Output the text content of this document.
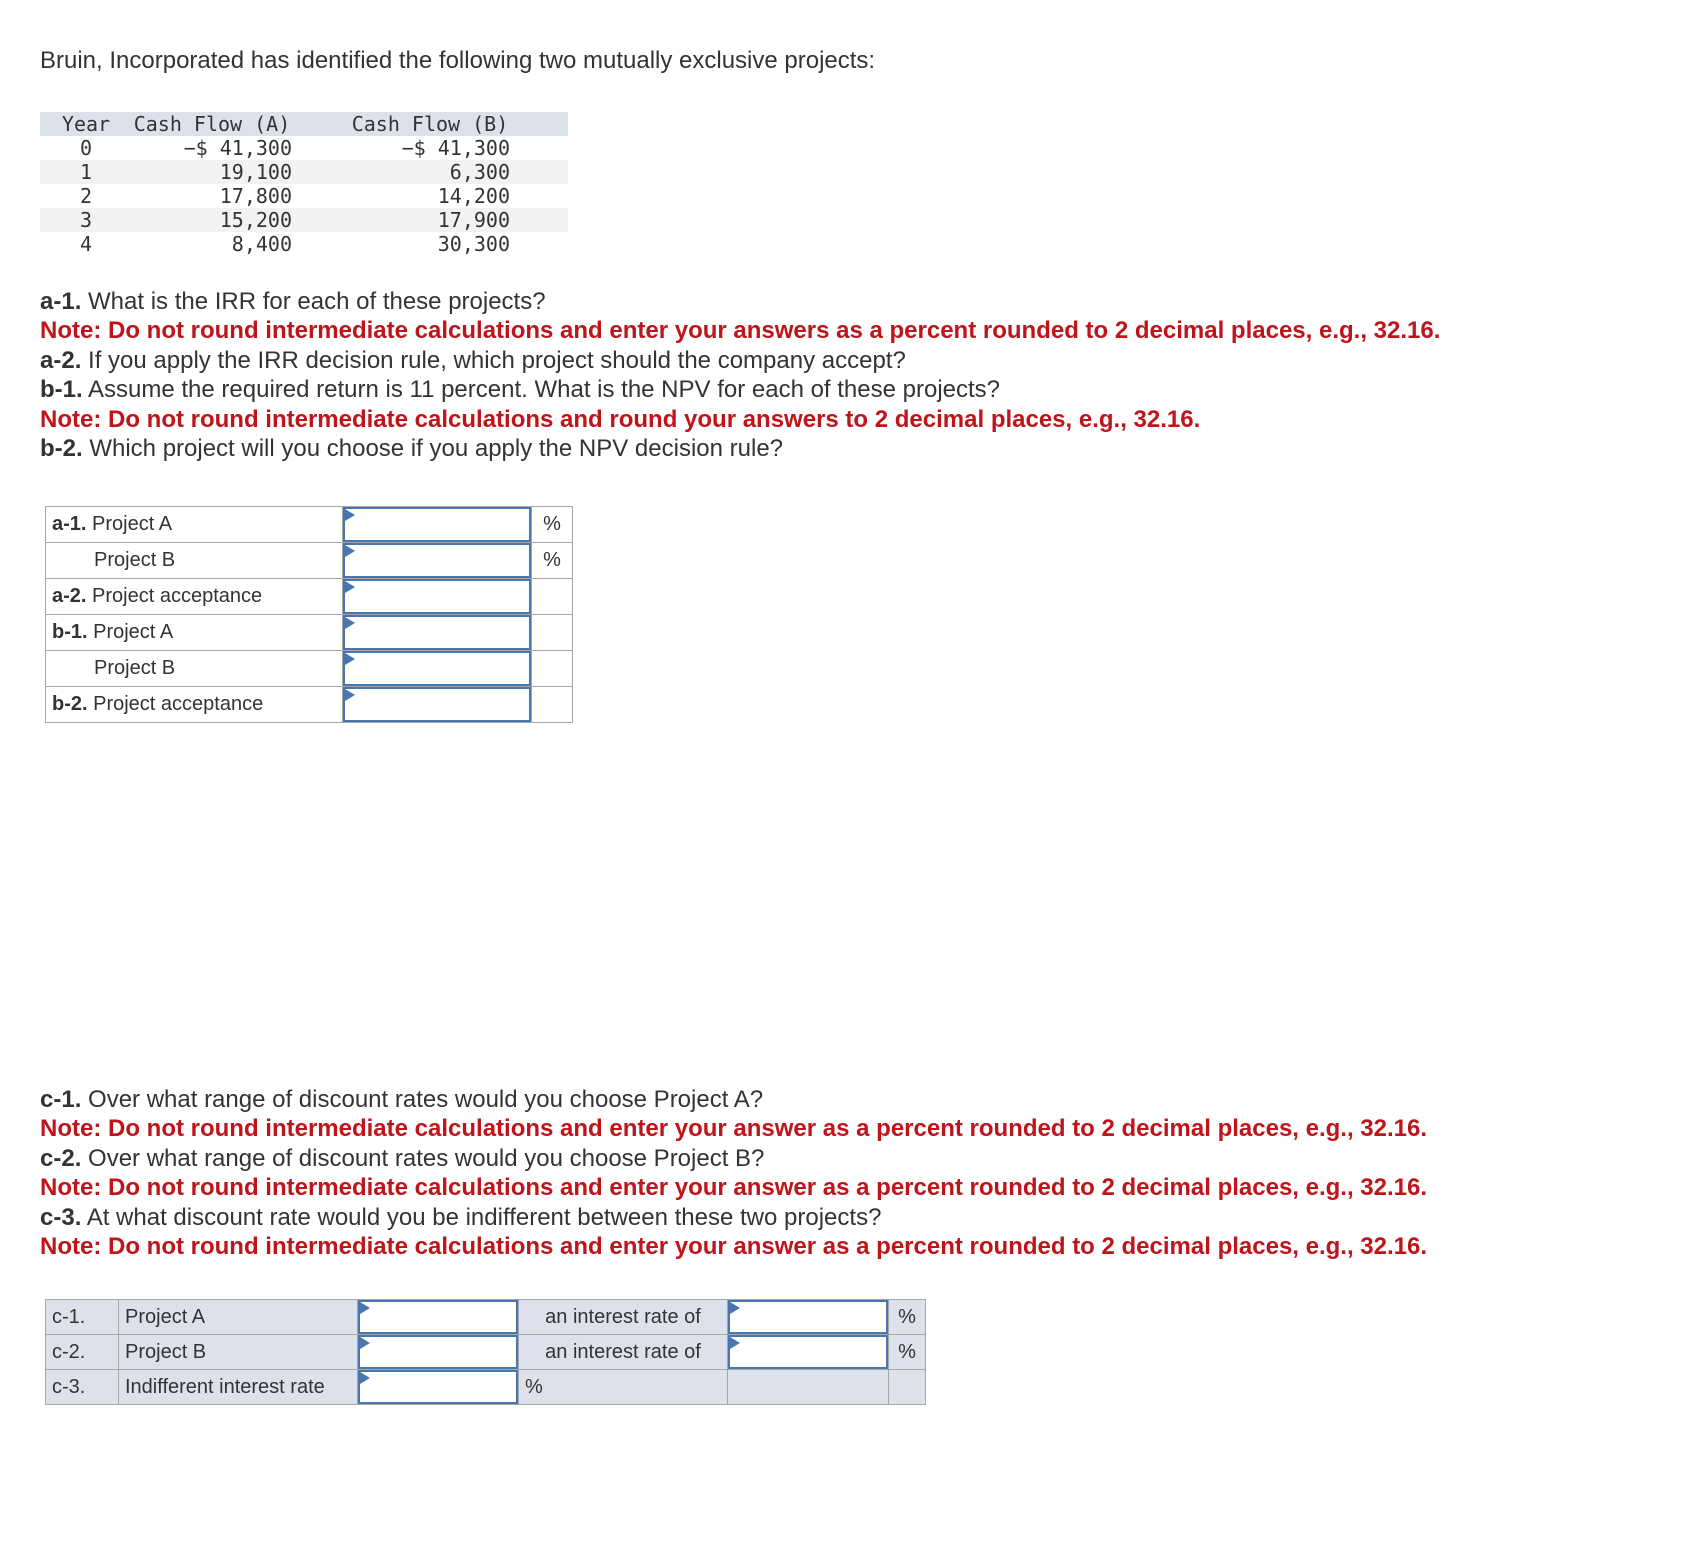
Bruin, Incorporated has identified the following two mutually exclusive projects:

Year	Cash Flow (A)		Cash Flow (B)	
0	−$ 41,300		−$ 41,300	
1	19,100		6,300	
2	17,800		14,200	
3	15,200		17,900	
4	8,400		30,300	

a-1. What is the IRR for each of these projects?

Note: Do not round intermediate calculations and enter your answers as a percent rounded to 2 decimal places, e.g., 32.16.

a-2. If you apply the IRR decision rule, which project should the company accept?

b-1. Assume the required return is 11 percent. What is the NPV for each of these projects?

Note: Do not round intermediate calculations and round your answers to 2 decimal places, e.g., 32.16.

b-2. Which project will you choose if you apply the NPV decision rule?

a-1. Project A		%
Project B		%
a-2. Project acceptance	

b-1. Project A	

Project B	

b-2. Project acceptance	

c-1. Over what range of discount rates would you choose Project A?

Note: Do not round intermediate calculations and enter your answer as a percent rounded to 2 decimal places, e.g., 32.16.

c-2. Over what range of discount rates would you choose Project B?

Note: Do not round intermediate calculations and enter your answer as a percent rounded to 2 decimal places, e.g., 32.16.

c-3. At what discount rate would you be indifferent between these two projects?

Note: Do not round intermediate calculations and enter your answer as a percent rounded to 2 decimal places, e.g., 32.16.

c-1.	Project A		an interest rate of		%
c-2.	Project B		an interest rate of		%
c-3.	Indifferent interest rate		%		
